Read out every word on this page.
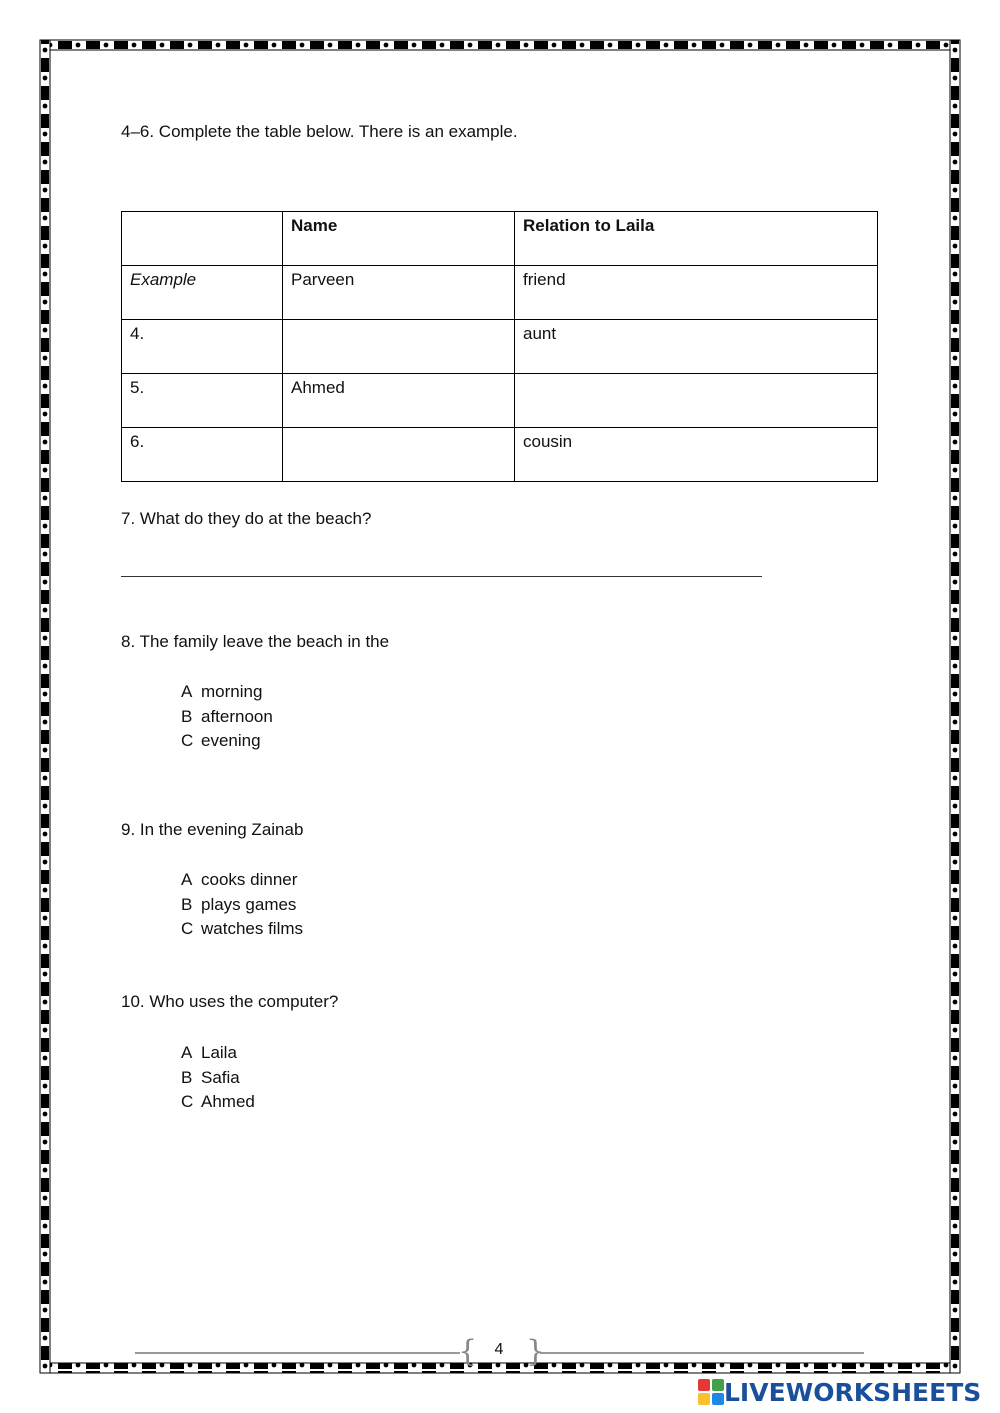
4–6. Complete the table below. There is an example.
	Name	Relation to Laila
Example	Parveen	friend
4.		aunt
5.	Ahmed	
6.		cousin
7. What do they do at the beach?
8. The family leave the beach in the
A morning
B afternoon
C evening
9. In the evening Zainab
A cooks dinner
B plays games
C watches films
10. Who uses the computer?
A Laila
B Safia
C Ahmed
{ }
4
LIVEWORKSHEETS
